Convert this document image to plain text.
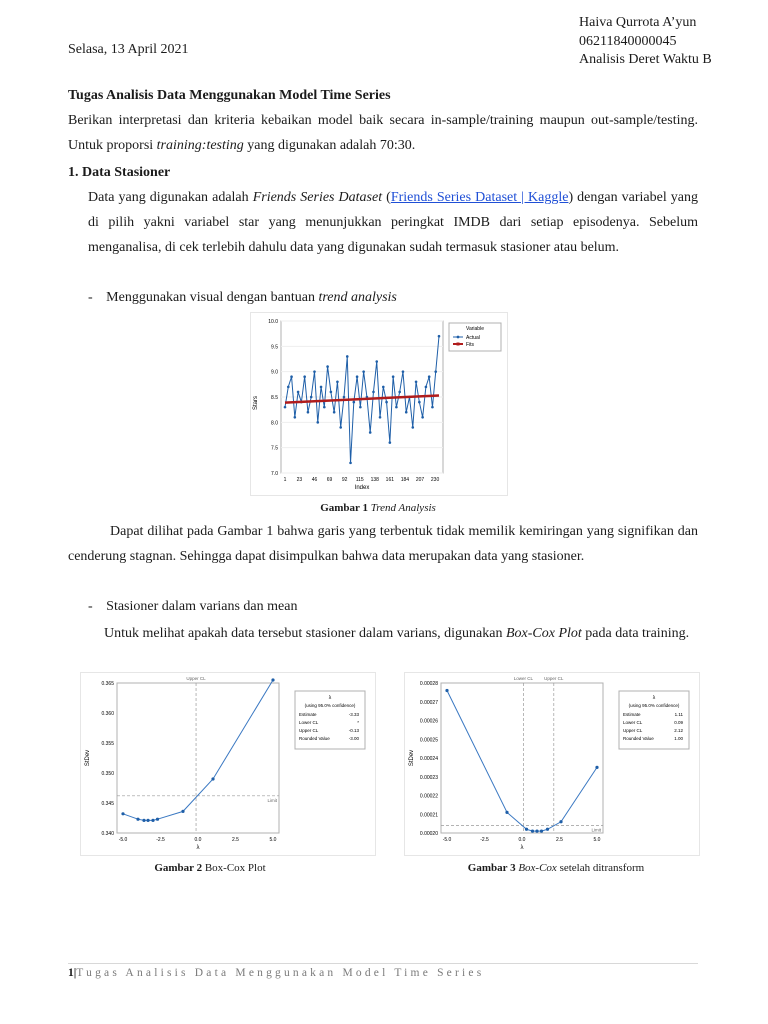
Haiva Qurrota A’yun
06211840000045
Analisis Deret Waktu B
Selasa, 13 April 2021
Tugas Analisis Data Menggunakan Model Time Series
Berikan interpretasi dan kriteria kebaikan model baik secara in-sample/training maupun out-sample/testing. Untuk proporsi training:testing yang digunakan adalah 70:30.
1. Data Stasioner
Data yang digunakan adalah Friends Series Dataset (Friends Series Dataset | Kaggle) dengan variabel yang di pilih yakni variabel star yang menunjukkan peringkat IMDB dari setiap episodenya. Sebelum menganalisa, di cek terlebih dahulu data yang digunakan sudah termasuk stasioner atau belum.
- Menggunakan visual dengan bantuan trend analysis
7.0
7.5
8.0
8.5
9.0
9.5
10.0
1 23 46 69 92 115 138 161 184 207 230
Stars
Index
Variable
Actual
Fits
Gambar 1 Trend Analysis
Dapat dilihat pada Gambar 1 bahwa garis yang terbentuk tidak memilik kemiringan yang signifikan dan cenderung stagnan. Sehingga dapat disimpulkan bahwa data merupakan data yang stasioner.
- Stasioner dalam varians dan mean
Untuk melihat apakah data tersebut stasioner dalam varians, digunakan Box-Cox Plot pada data training.
0.340
0.345
0.350
0.355
0.360
0.365
-5.0	-2.5	0.0	2.5	5.0
StDev
λ
Limit
Upper CL
λ
(using 95.0% confidence)
Estimate	-3.33
Lower CL	*
Upper CL	-0.13
Rounded Value	-3.00
Gambar 2 Box-Cox Plot
0.00020
0.00021
0.00022
0.00023
0.00024
0.00025
0.00026
0.00027
0.00028
-5.0	-2.5	0.0	2.5	5.0
StDev
λ
Limit
Lower CL Upper CL
λ
(using 95.0% confidence)
Estimate	1.11
Lower CL	0.09
Upper CL	2.12
Rounded Value	1.00
Gambar 3 Box-Cox setelah ditransform
1|Tugas Analisis Data Menggunakan Model Time Series
